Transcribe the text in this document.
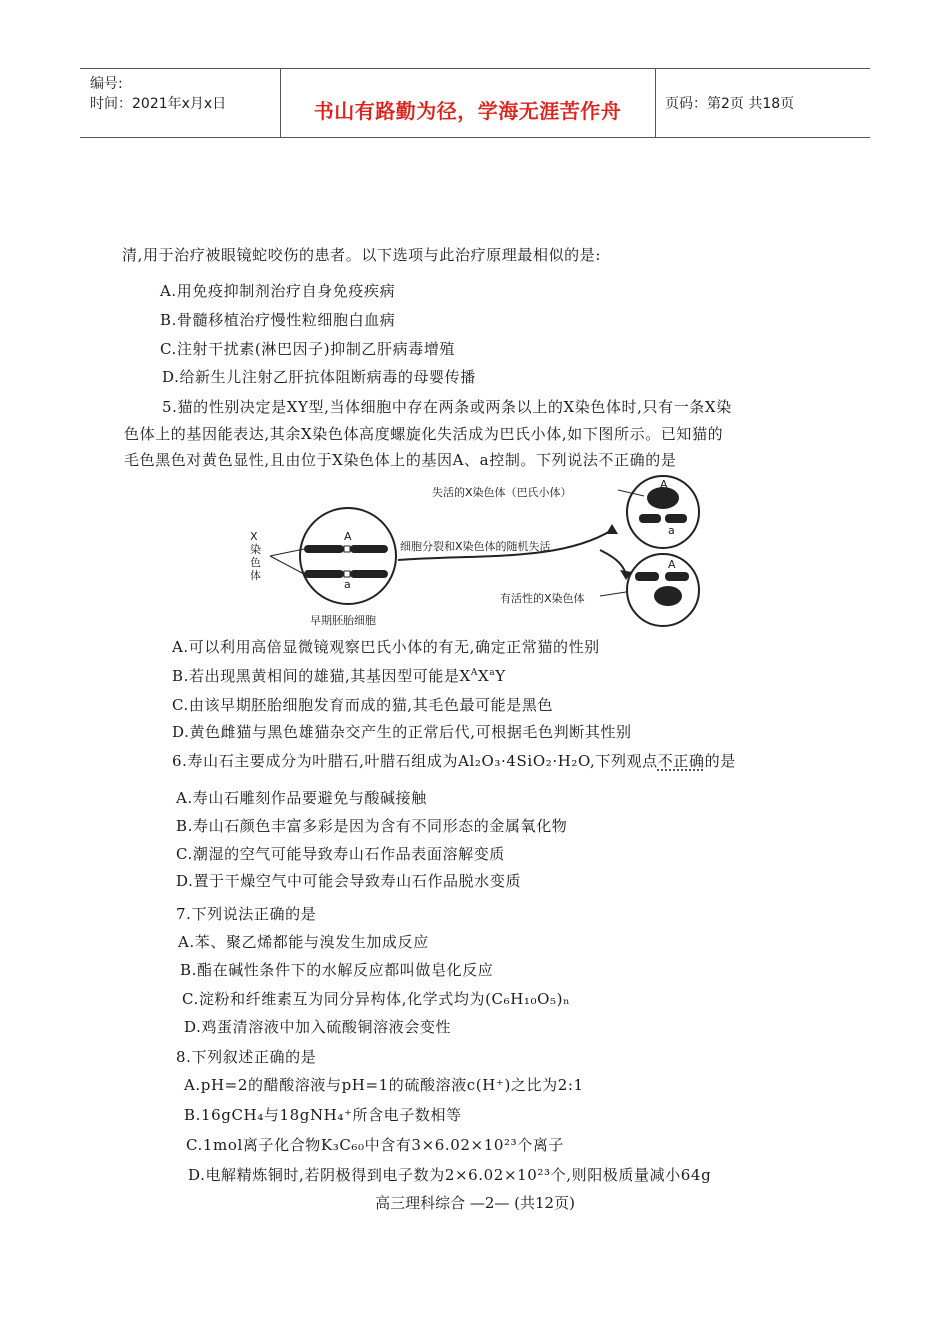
编号:
时间：2021年x月x日	书山有路勤为径，学海无涯苦作舟	页码：第2页 共18页
清,用于治疗被眼镜蛇咬伤的患者。以下选项与此治疗原理最相似的是:
A.用免疫抑制剂治疗自身免疫疾病
B.骨髓移植治疗慢性粒细胞白血病
C.注射干扰素(淋巴因子)抑制乙肝病毒增殖
D.给新生儿注射乙肝抗体阻断病毒的母婴传播
5.猫的性别决定是XY型,当体细胞中存在两条或两条以上的X染色体时,只有一条X染
色体上的基因能表达,其余X染色体高度螺旋化失活成为巴氏小体,如下图所示。已知猫的
毛色黑色对黄色显性,且由位于X染色体上的基因A、a控制。下列说法不正确的是
X染色体
A
a
早期胚胎细胞
细胞分裂和X染色体的随机失活
失活的X染色体（巴氏小体）
有活性的X染色体
A
a
A
a
A.可以利用高倍显微镜观察巴氏小体的有无,确定正常猫的性别
B.若出现黑黄相间的雄猫,其基因型可能是$X^AX^aY$
C.由该早期胚胎细胞发育而成的猫,其毛色最可能是黑色
D.黄色雌猫与黑色雄猫杂交产生的正常后代,可根据毛色判断其性别
6.寿山石主要成分为叶腊石,叶腊石组成为Al₂O₃·4SiO₂·H₂O,下列观点不正确的是
A.寿山石雕刻作品要避免与酸碱接触
B.寿山石颜色丰富多彩是因为含有不同形态的金属氧化物
C.潮湿的空气可能导致寿山石作品表面溶解变质
D.置于干燥空气中可能会导致寿山石作品脱水变质
7.下列说法正确的是
A.苯、聚乙烯都能与溴发生加成反应
B.酯在碱性条件下的水解反应都叫做皂化反应
C.淀粉和纤维素互为同分异构体,化学式均为(C₆H₁₀O₅)ₙ
D.鸡蛋清溶液中加入硫酸铜溶液会变性
8.下列叙述正确的是
A.pH=2的醋酸溶液与pH=1的硫酸溶液c(H⁺)之比为2:1
B.16gCH₄与18gNH₄⁺所含电子数相等
C.1mol离子化合物K₃C₆₀中含有3×6.02×10²³个离子
D.电解精炼铜时,若阴极得到电子数为2×6.02×10²³个,则阳极质量减小64g
高三理科综合 —2— (共12页)
